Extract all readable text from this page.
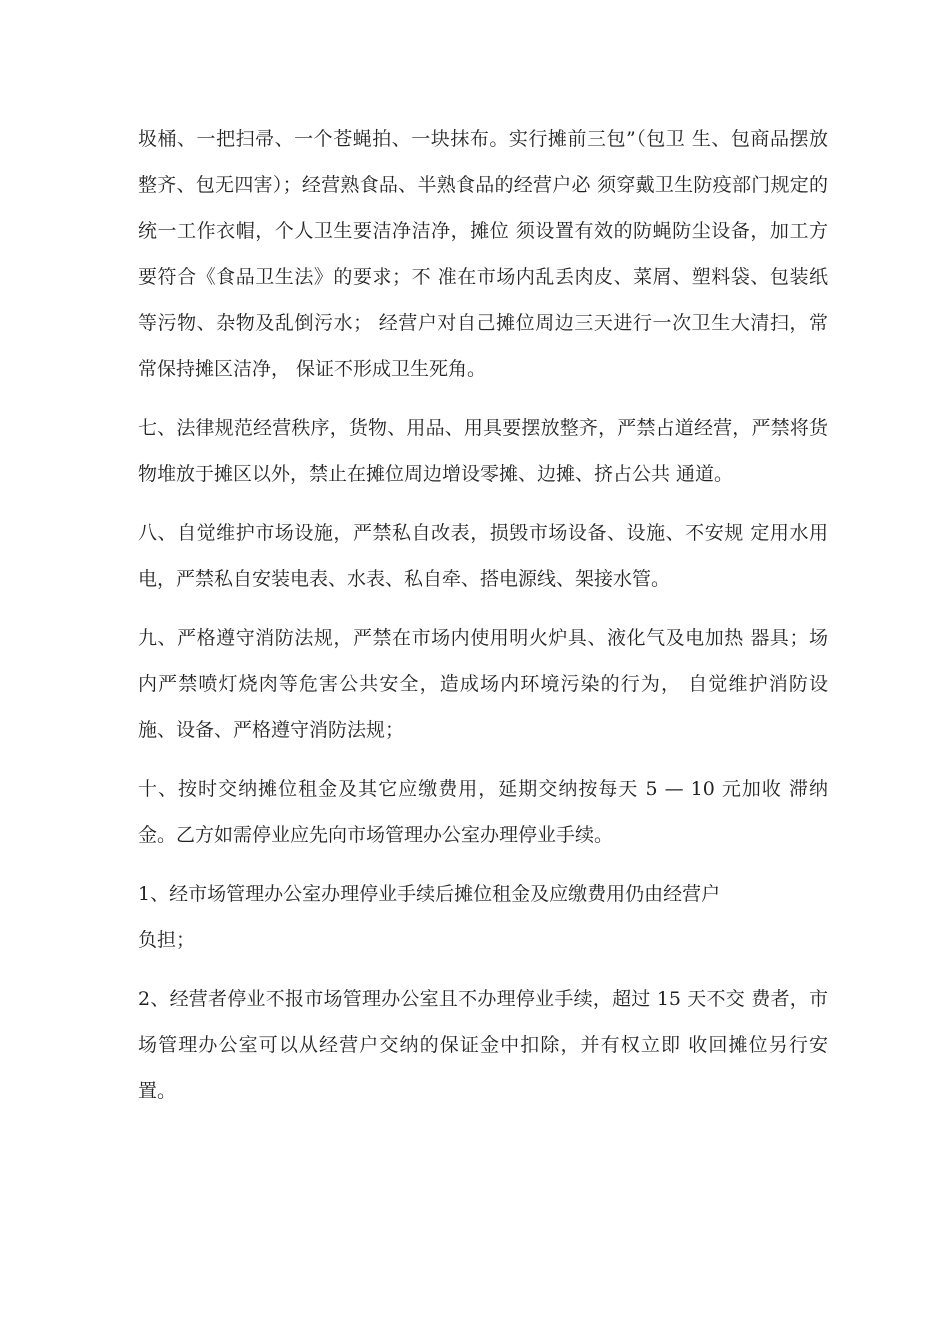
圾桶、一把扫帚、一个苍蝇拍、一块抹布。实行摊前三包”（包卫 生、包商品摆放整齐、包无四害）；经营熟食品、半熟食品的经营户必 须穿戴卫生防疫部门规定的统一工作衣帽，个人卫生要洁净洁净，摊位 须设置有效的防蝇防尘设备，加工方要符合《食品卫生法》的要求；不 准在市场内乱丢肉皮、菜屑、塑料袋、包装纸等污物、杂物及乱倒污水； 经营户对自己摊位周边三天进行一次卫生大清扫，常常保持摊区洁净， 保证不形成卫生死角。

七、法律规范经营秩序，货物、用品、用具要摆放整齐，严禁占道经营，严禁将货物堆放于摊区以外，禁止在摊位周边增设零摊、边摊、挤占公共 通道。

八、自觉维护市场设施，严禁私自改表，损毁市场设备、设施、不安规 定用水用电，严禁私自安装电表、水表、私自牵、搭电源线、架接水管。

九、严格遵守消防法规，严禁在市场内使用明火炉具、液化气及电加热 器具；场内严禁喷灯烧肉等危害公共安全，造成场内环境污染的行为， 自觉维护消防设施、设备、严格遵守消防法规；

十、按时交纳摊位租金及其它应缴费用，延期交纳按每天 5 — 10 元加收 滞纳金。乙方如需停业应先向市场管理办公室办理停业手续。

1、经市场管理办公室办理停业手续后摊位租金及应缴费用仍由经营户

负担；

2、经营者停业不报市场管理办公室且不办理停业手续，超过 15 天不交 费者，市场管理办公室可以从经营户交纳的保证金中扣除，并有权立即 收回摊位另行安置。
